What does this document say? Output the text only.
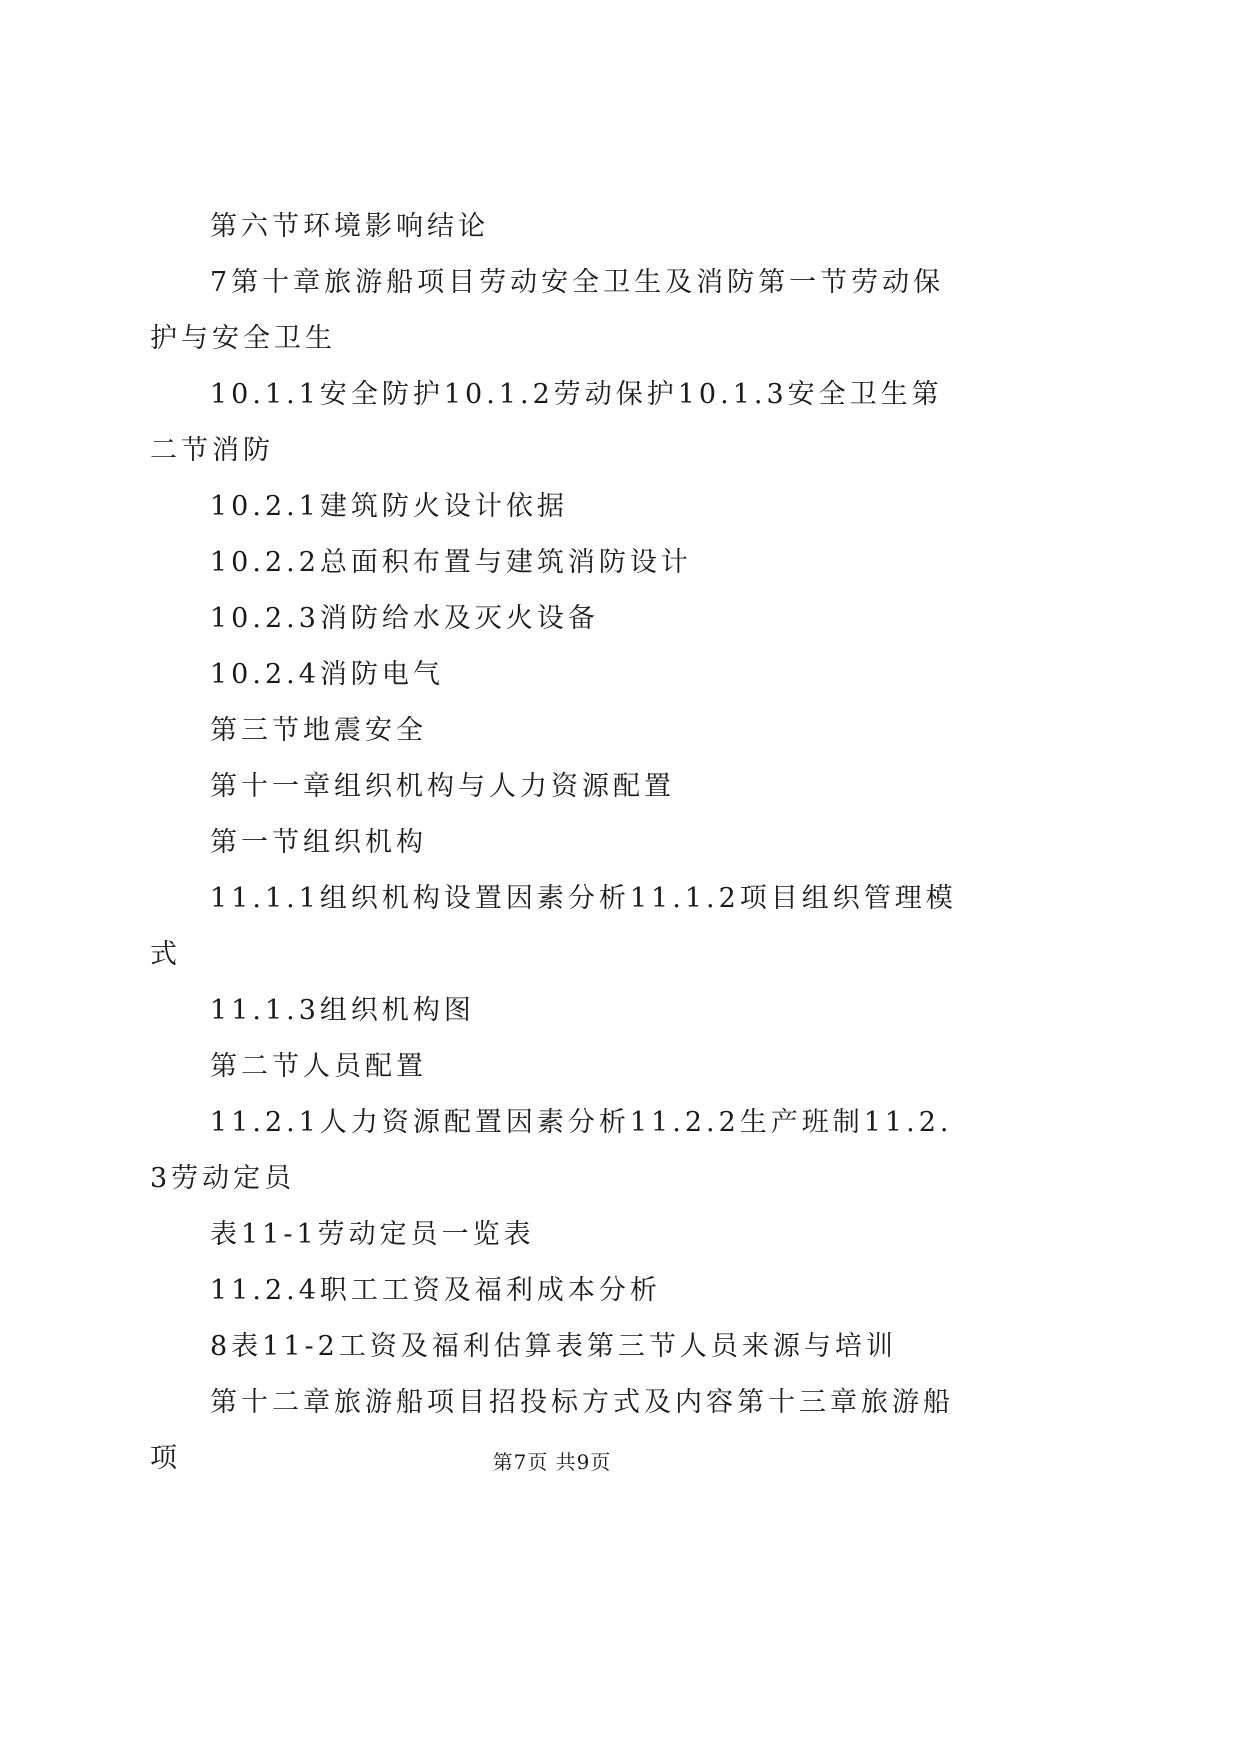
第六节环境影响结论

7第十章旅游船项目劳动安全卫生及消防第一节劳动保护与安全卫生

10.1.1安全防护10.1.2劳动保护10.1.3安全卫生第二节消防

10.2.1建筑防火设计依据

10.2.2总面积布置与建筑消防设计

10.2.3消防给水及灭火设备

10.2.4消防电气

第三节地震安全

第十一章组织机构与人力资源配置

第一节组织机构

11.1.1组织机构设置因素分析11.1.2项目组织管理模式

11.1.3组织机构图

第二节人员配置

11.2.1人力资源配置因素分析11.2.2生产班制11.2.3劳动定员

表11-1劳动定员一览表

11.2.4职工工资及福利成本分析

8表11-2工资及福利估算表第三节人员来源与培训

第十二章旅游船项目招投标方式及内容第十三章旅游船项	第7页 共9页
